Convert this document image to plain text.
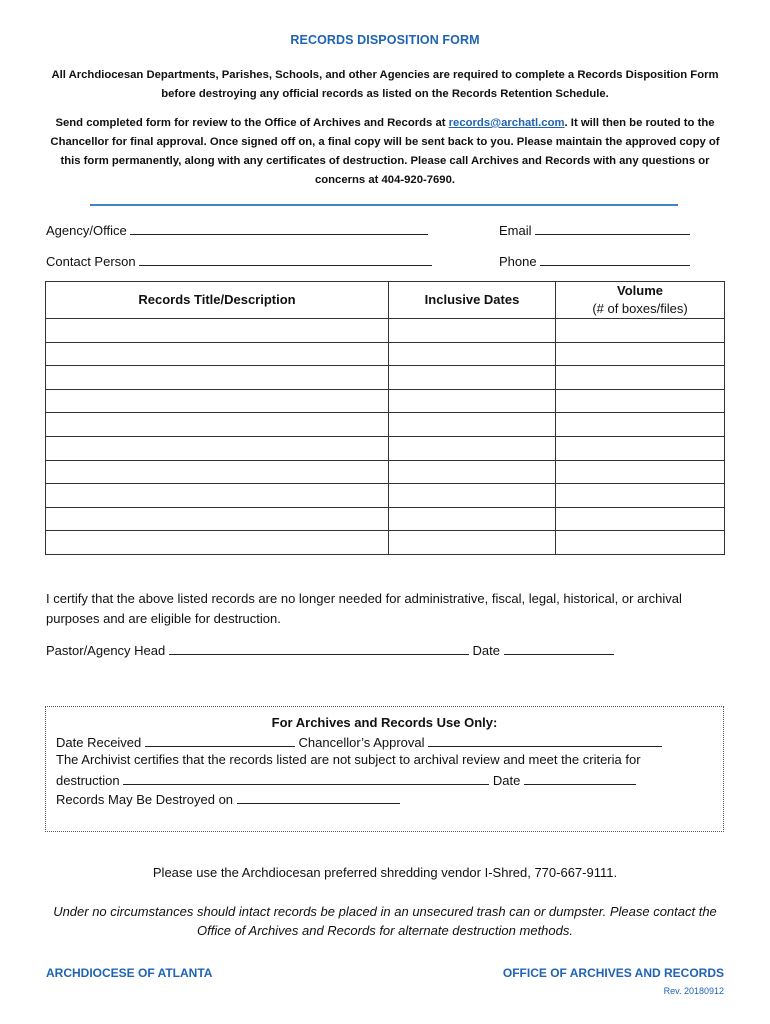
RECORDS DISPOSITION FORM
All Archdiocesan Departments, Parishes, Schools, and other Agencies are required to complete a Records Disposition Form before destroying any official records as listed on the Records Retention Schedule.
Send completed form for review to the Office of Archives and Records at records@archatl.com. It will then be routed to the Chancellor for final approval. Once signed off on, a final copy will be sent back to you. Please maintain the approved copy of this form permanently, along with any certificates of destruction. Please call Archives and Records with any questions or concerns at 404-920-7690.
Agency/Office	Email
Contact Person	Phone
Records Title/Description	Inclusive Dates	Volume
(# of boxes/files)

I certify that the above listed records are no longer needed for administrative, fiscal, legal, historical, or archival purposes and are eligible for destruction.
Pastor/Agency Head	Date
For Archives and Records Use Only:
Date Received	Chancellor’s Approval
The Archivist certifies that the records listed are not subject to archival review and meet the criteria for
destruction	Date
Records May Be Destroyed on
Please use the Archdiocesan preferred shredding vendor I-Shred, 770-667-9111.
Under no circumstances should intact records be placed in an unsecured trash can or dumpster. Please contact the Office of Archives and Records for alternate destruction methods.
ARCHDIOCESE OF ATLANTA	OFFICE OF ARCHIVES AND RECORDS
Rev. 20180912
